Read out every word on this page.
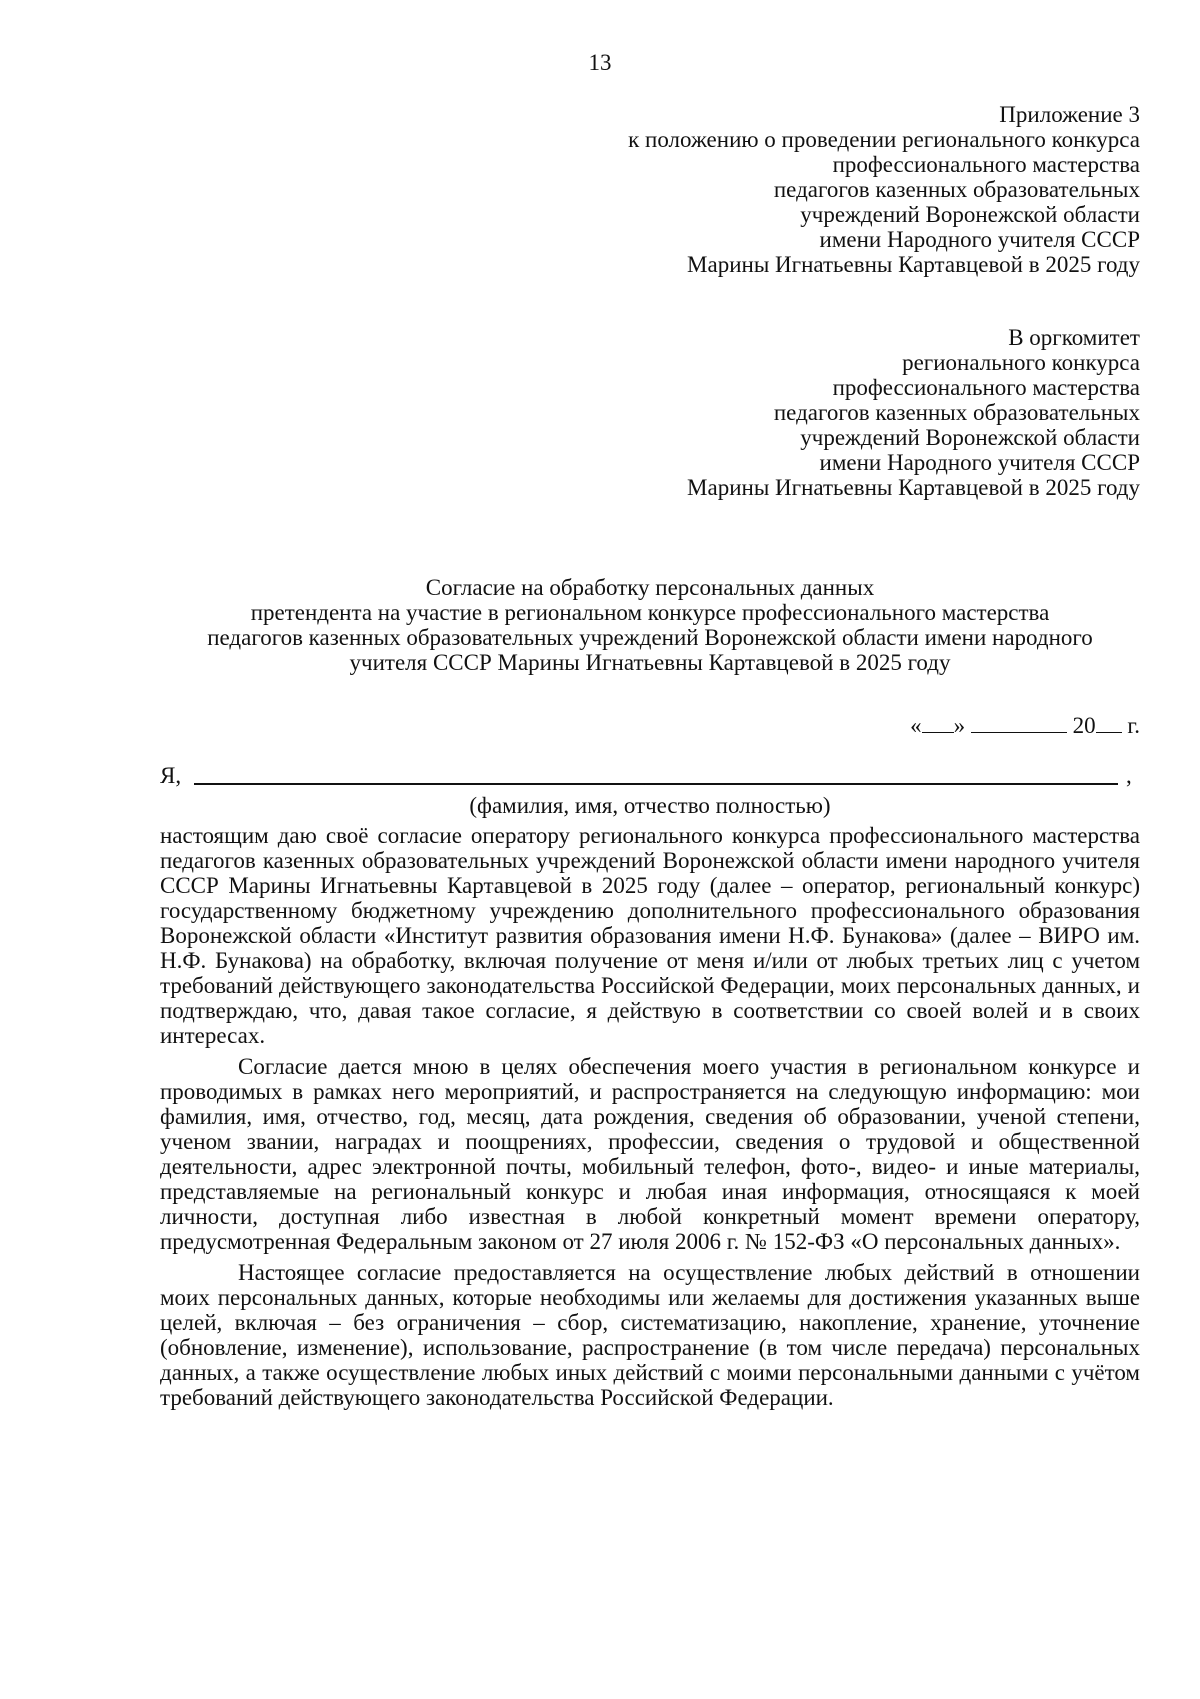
13
Приложение 3
к положению о проведении регионального конкурса
профессионального мастерства
педагогов казенных образовательных
учреждений Воронежской области
имени Народного учителя СССР
Марины Игнатьевны Картавцевой в 2025 году
В оргкомитет
регионального конкурса
профессионального мастерства
педагогов казенных образовательных
учреждений Воронежской области
имени Народного учителя СССР
Марины Игнатьевны Картавцевой в 2025 году
Согласие на обработку персональных данных
претендента на участие в региональном конкурсе профессионального мастерства
педагогов казенных образовательных учреждений Воронежской области имени народного
учителя СССР Марины Игнатьевны Картавцевой в 2025 году
« »	20 г.
Я,	,
(фамилия, имя, отчество полностью)

настоящим даю своё согласие оператору регионального конкурса профессионального мастерства педагогов казенных образовательных учреждений Воронежской области имени народного учителя СССР Марины Игнатьевны Картавцевой в 2025 году (далее – оператор, региональный конкурс) государственному бюджетному учреждению дополнительного профессионального образования Воронежской области «Институт развития образования имени Н.Ф. Бунакова» (далее – ВИРО им. Н.Ф. Бунакова) на обработку, включая получение от меня и/или от любых третьих лиц с учетом требований действующего законодательства Российской Федерации, моих персональных данных, и подтверждаю, что, давая такое согласие, я действую в соответствии со своей волей и в своих интересах.

Согласие дается мною в целях обеспечения моего участия в региональном конкурсе и проводимых в рамках него мероприятий, и распространяется на следующую информацию: мои фамилия, имя, отчество, год, месяц, дата рождения, сведения об образовании, ученой степени, ученом звании, наградах и поощрениях, профессии, сведения о трудовой и общественной деятельности, адрес электронной почты, мобильный телефон, фото-, видео- и иные материалы, представляемые на региональный конкурс и любая иная информация, относящаяся к моей личности, доступная либо известная в любой конкретный момент времени оператору, предусмотренная Федеральным законом от 27 июля 2006 г. № 152-ФЗ «О персональных данных».

Настоящее согласие предоставляется на осуществление любых действий в отношении моих персональных данных, которые необходимы или желаемы для достижения указанных выше целей, включая – без ограничения – сбор, систематизацию, накопление, хранение, уточнение (обновление, изменение), использование, распространение (в том числе передача) персональных данных, а также осуществление любых иных действий с моими персональными данными с учётом требований действующего законодательства Российской Федерации.
